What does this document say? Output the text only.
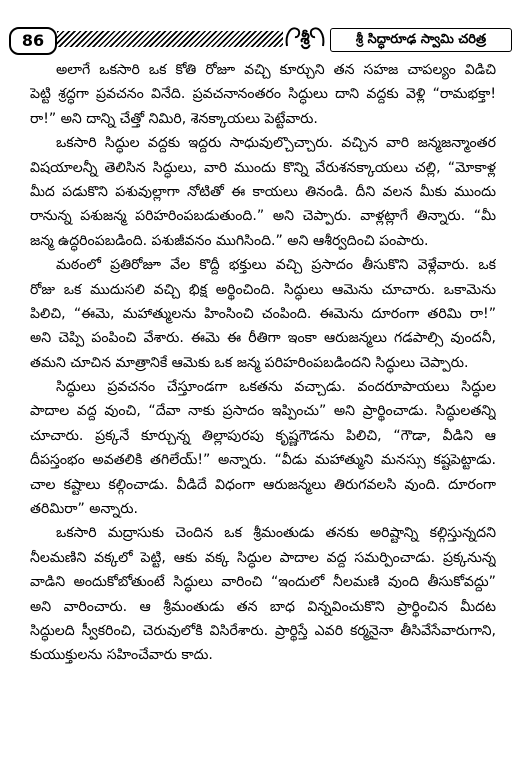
86	శ్రీ	శ్రీ సిద్ధారూఢ స్వామి చరిత్ర
అలాగే ఒకసారి ఒక కోతి రోజూ వచ్చి కూర్చుని తన సహజ చాపల్యం విడిచి
పెట్టి శ్రద్ధగా ప్రవచనం వినేది. ప్రవచనానంతరం సిద్ధులు దాని వద్దకు వెళ్లి “రామభక్తా!
రా!” అని దాన్ని చేత్తో నిమిరి, శెనక్కాయలు పెట్టేవారు.
ఒకసారి సిద్ధుల వద్దకు ఇద్దరు సాధువుల్చొచ్చారు. వచ్చిన వారి జన్మజన్మాంతర
విషయాలన్నీ తెలిసిన సిద్ధులు, వారి ముందు కొన్ని వేరుశనక్కాయలు చల్లి, “మోకాళ్ల
మీద పడుకొని పశువుల్లాగా నోటితో ఈ కాయలు తినండి. దీని వలన మీకు ముందు
రానున్న పశుజన్మ పరిహరింపబడుతుంది.” అని చెప్పారు. వాళ్లట్లాగే తిన్నారు. “మీ
జన్మ ఉద్ధరింపబడింది. పశుజీవనం ముగిసింది.” అని ఆశీర్వదించి పంపారు.
మఠంలో ప్రతిరోజూ వేల కొద్దీ భక్తులు వచ్చి ప్రసాదం తీసుకొని వెళ్లేవారు. ఒక
రోజు ఒక ముదుసలి వచ్చి భిక్ష అర్థించింది. సిద్ధులు ఆమెను చూచారు. ఒకామెను
పిలిచి, “ఈమె, మహాత్ములను హింసించి చంపింది. ఈమెను దూరంగా తరిమి రా!”
అని చెప్పి పంపించి వేశారు. ఈమె ఈ రీతిగా ఇంకా ఆరుజన్మలు గడపాల్సి వుందనీ,
తమని చూచిన మాత్రానికే ఆమెకు ఒక జన్మ పరిహరింపబడిందని సిద్ధులు చెప్పారు.
సిద్ధులు ప్రవచనం చేస్తూండగా ఒకతను వచ్చాడు. వందరూపాయలు సిద్ధుల
పాదాల వద్ద వుంచి, “దేవా నాకు ప్రసాదం ఇప్పించు” అని ప్రార్థించాడు. సిద్ధులతన్ని
చూచారు. ప్రక్కనే కూర్చున్న తిల్లాపురపు కృష్ణగౌడను పిలిచి, “గౌడా, వీడిని ఆ
దీపస్తంభం అవతలికి తగిలేయ్!” అన్నారు. “వీడు మహాత్ముని మనస్సు కష్టపెట్టాడు.
చాల కష్టాలు కల్గించాడు. వీడిదే విధంగా ఆరుజన్మలు తిరుగవలసి వుంది. దూరంగా
తరిమిరా” అన్నారు.
ఒకసారి మద్రాసుకు చెందిన ఒక శ్రీమంతుడు తనకు అరిష్టాన్ని కల్గిస్తున్నదని
నీలమణిని వక్కలో పెట్టి, ఆకు వక్క సిద్ధుల పాదాల వద్ద సమర్పించాడు. ప్రక్కనున్న
వాడిని అందుకోబోతుంటే సిద్ధులు వారించి “ఇందులో నీలమణి వుంది తీసుకోవద్దు”
అని వారించారు. ఆ శ్రీమంతుడు తన బాధ విన్నవించుకొని ప్రార్థించిన మీదట
సిద్ధులది స్వీకరించి, చెరువులోకి విసిరేశారు. ప్రార్థిస్తే ఎవరి కర్మనైనా తీసివేసేవారుగాని,
కుయుక్తులను సహించేవారు కాదు.
